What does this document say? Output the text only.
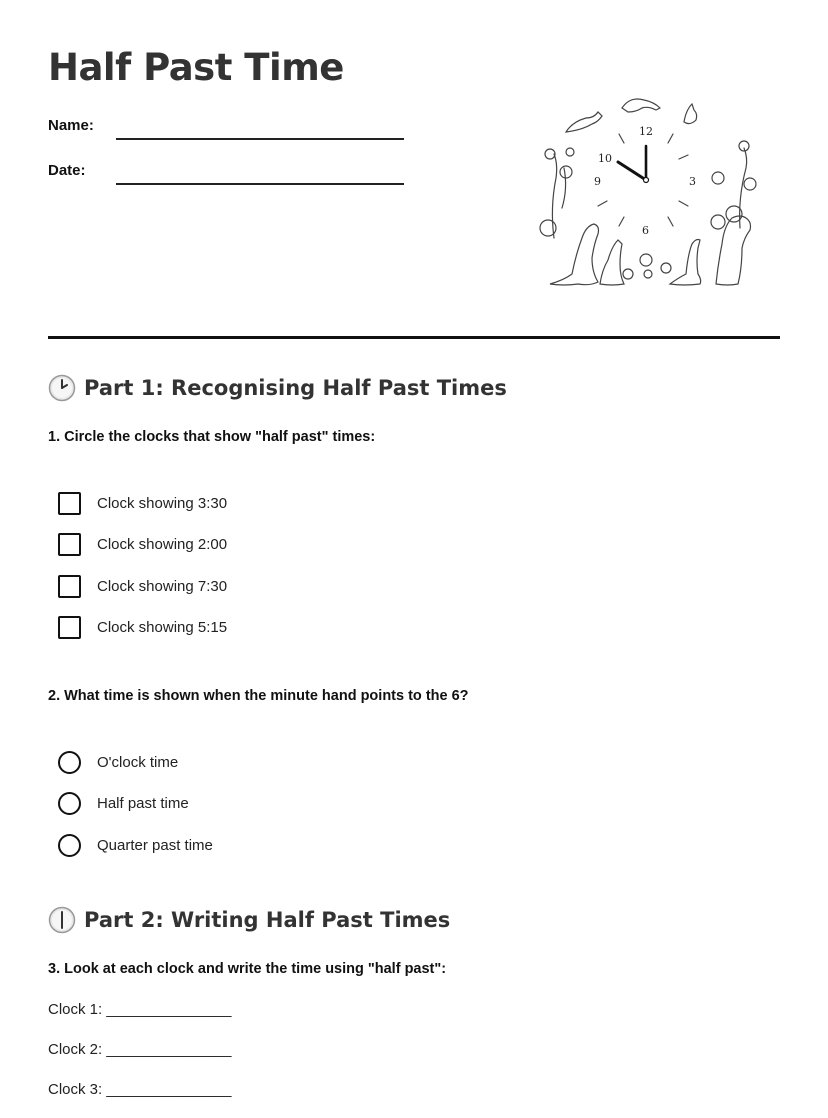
Half Past Time
Name:
Date:
12
3
6
9
10
Part 1: Recognising Half Past Times
1. Circle the clocks that show "half past" times:
Clock showing 3:30
Clock showing 2:00
Clock showing 7:30
Clock showing 5:15
2. What time is shown when the minute hand points to the 6?
O'clock time
Half past time
Quarter past time
Part 2: Writing Half Past Times
3. Look at each clock and write the time using "half past":
Clock 1: _______________
Clock 2: _______________
Clock 3: _______________
